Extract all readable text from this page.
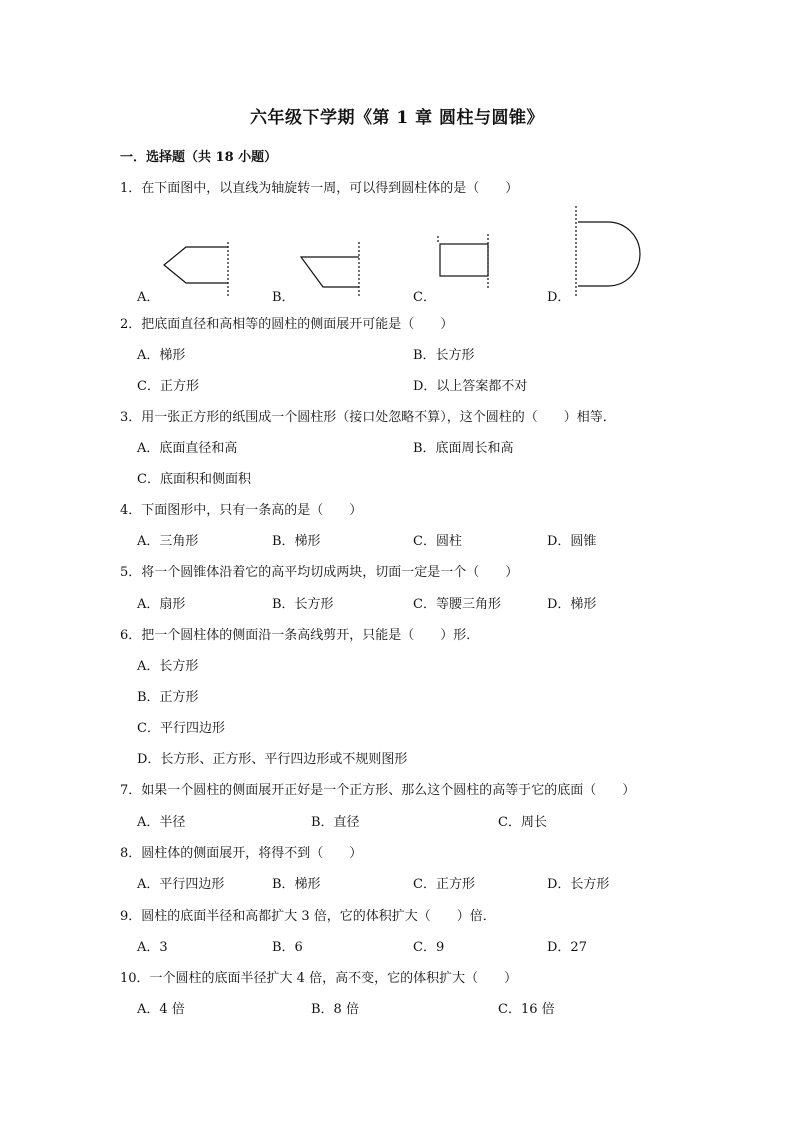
六年级下学期《第 1 章 圆柱与圆锥》
一．选择题（共 18 小题）
1．在下面图中，以直线为轴旋转一周，可以得到圆柱体的是（　　）
A．	B．	C．	D．
2．把底面直径和高相等的圆柱的侧面展开可能是（　　）
A．梯形	B．长方形
C．正方形	D．以上答案都不对
3．用一张正方形的纸围成一个圆柱形（接口处忽略不算），这个圆柱的（　　）相等．
A．底面直径和高	B．底面周长和高
C．底面积和侧面积
4．下面图形中，只有一条高的是（　　）
A．三角形	B．梯形	C．圆柱	D．圆锥
5．将一个圆锥体沿着它的高平均切成两块，切面一定是一个（　　）
A．扇形	B．长方形	C．等腰三角形	D．梯形
6．把一个圆柱体的侧面沿一条高线剪开，只能是（　　）形．
A．长方形
B．正方形
C．平行四边形
D．长方形、正方形、平行四边形或不规则图形
7．如果一个圆柱的侧面展开正好是一个正方形、那么这个圆柱的高等于它的底面（　　）
A．半径	B．直径	C．周长
8．圆柱体的侧面展开，将得不到（　　）
A．平行四边形	B．梯形	C．正方形	D．长方形
9．圆柱的底面半径和高都扩大 3 倍，它的体积扩大（　　）倍．
A．3	B．6	C．9	D．27
10．一个圆柱的底面半径扩大 4 倍，高不变，它的体积扩大（　　）
A．4 倍	B．8 倍	C．16 倍
